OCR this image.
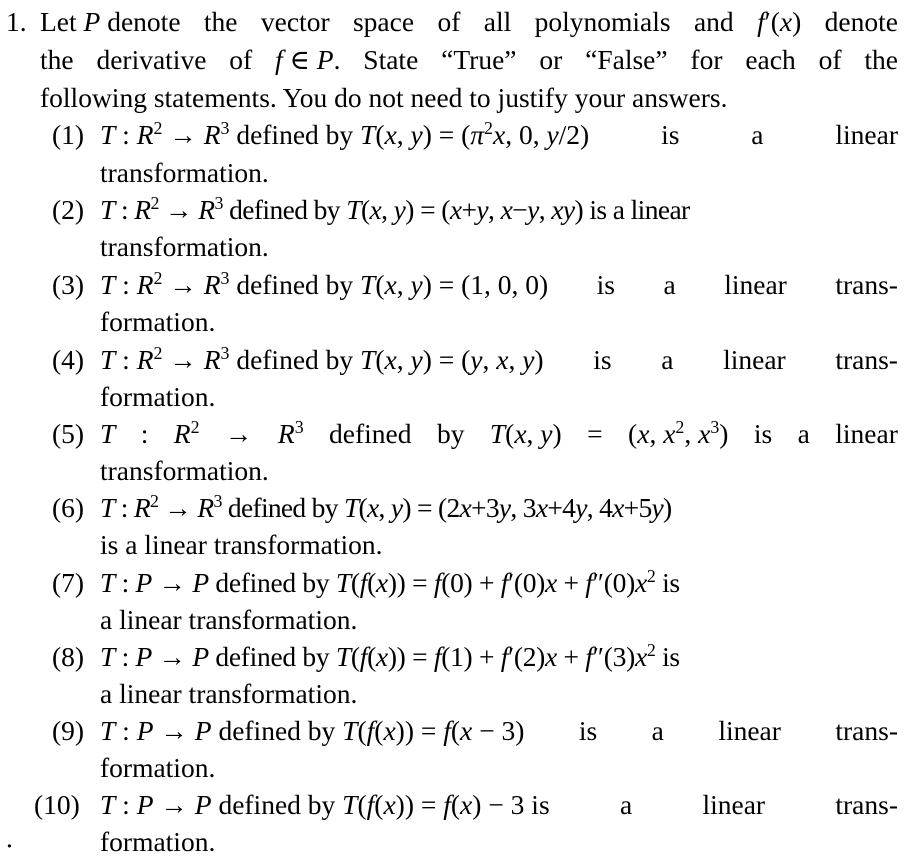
1. Let P denote the vector space of all polynomials and f′(x) denote
the derivative of f ∈ P. State “True” or “False” for each of the
following statements. You do not need to justify your answers.
(1) T : $R^2 \to R^3$ defined by T(x, $y) = (\pi^2x$, 0, y/2)	is	a	linear
transformation.
(2) T : $R^2 \to R^3$ defined by T(x, y) = (x+y, x−y, xy) is a linear
transformation.
(3) T : $R^2 \to R^3$ defined by T(x, y) = (1, 0, 0) is a linear trans-
formation.
(4) T : $R^2 \to R^3$ defined by T(x, y) = (y, x, y) is a linear trans-
formation.
(5) T : $R^2 \to R^3$ defined by T(x, y) = (x, $x^2$, $x^3$) is a linear
transformation.
(6) T : $R^2 \to R^3$ defined by T(x, y) = (2x+3y, 3x+4y, 4x+5y)
is a linear transformation.
(7) T : P → P defined by $T(f(x)) = f(0) + f'(0)x + f''(0)x^2$ is
a linear transformation.
(8) T : P → P defined by $T(f(x)) = f(1) + f'(2)x + f''(3)x^2$ is
a linear transformation.
(9) T : P → P defined by T(f(x)) = f(x − 3) is a linear trans-
formation.
(10) T : P → P defined by T(f(x)) = f(x) − 3 is	a	linear	trans-
formation.
∙
